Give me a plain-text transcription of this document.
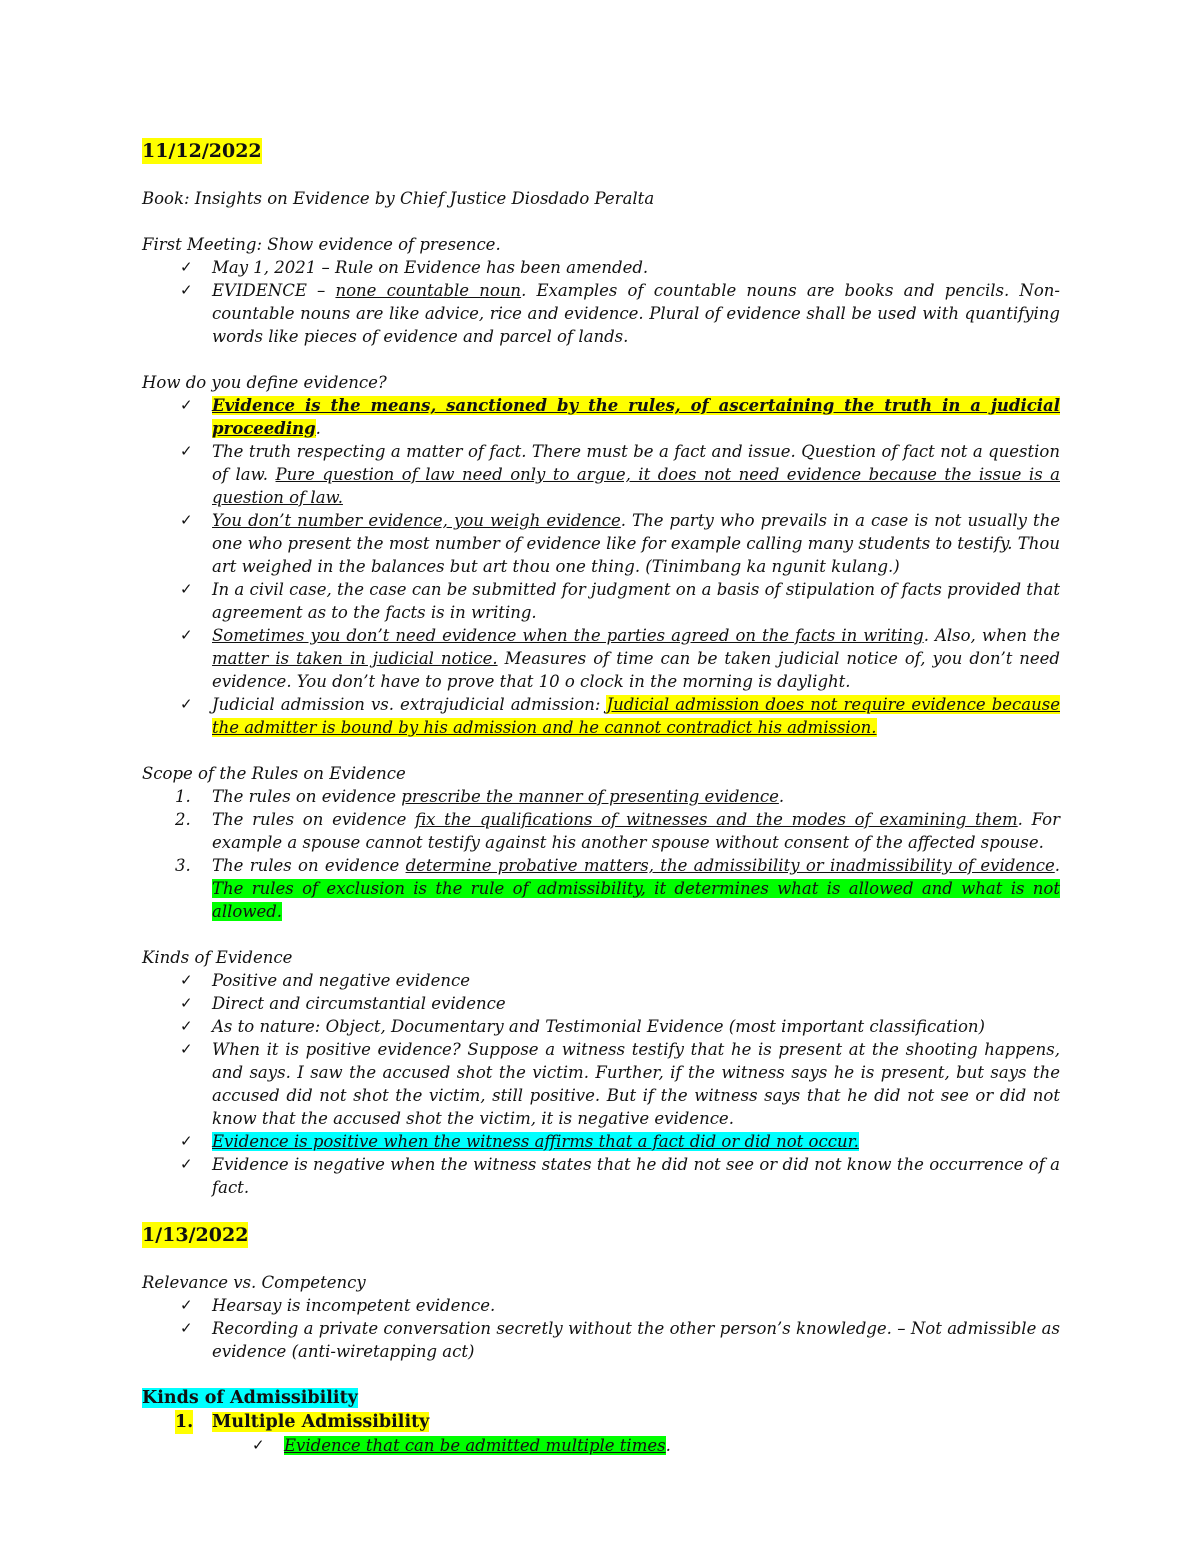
11/12/2022

Book: Insights on Evidence by Chief Justice Diosdado Peralta

First Meeting: Show evidence of presence.

✓ May 1, 2021 – Rule on Evidence has been amended.
✓ EVIDENCE – none countable noun. Examples of countable nouns are books and pencils. Non-countable nouns are like advice, rice and evidence. Plural of evidence shall be used with quantifying words like pieces of evidence and parcel of lands.

How do you define evidence?

✓ Evidence is the means, sanctioned by the rules, of ascertaining the truth in a judicial proceeding.
✓ The truth respecting a matter of fact. There must be a fact and issue. Question of fact not a question of law. Pure question of law need only to argue, it does not need evidence because the issue is a question of law.
✓ You don’t number evidence, you weigh evidence. The party who prevails in a case is not usually the one who present the most number of evidence like for example calling many students to testify. Thou art weighed in the balances but art thou one thing. (Tinimbang ka ngunit kulang.)
✓ In a civil case, the case can be submitted for judgment on a basis of stipulation of facts provided that agreement as to the facts is in writing.
✓ Sometimes you don’t need evidence when the parties agreed on the facts in writing. Also, when the matter is taken in judicial notice. Measures of time can be taken judicial notice of, you don’t need evidence. You don’t have to prove that 10 o clock in the morning is daylight.
✓ Judicial admission vs. extrajudicial admission: Judicial admission does not require evidence because the admitter is bound by his admission and he cannot contradict his admission.

Scope of the Rules on Evidence

1. The rules on evidence prescribe the manner of presenting evidence.
2. The rules on evidence fix the qualifications of witnesses and the modes of examining them. For example a spouse cannot testify against his another spouse without consent of the affected spouse.
3. The rules on evidence determine probative matters, the admissibility or inadmissibility of evidence. The rules of exclusion is the rule of admissibility, it determines what is allowed and what is not allowed.

Kinds of Evidence

✓ Positive and negative evidence
✓ Direct and circumstantial evidence
✓ As to nature: Object, Documentary and Testimonial Evidence (most important classification)
✓ When it is positive evidence? Suppose a witness testify that he is present at the shooting happens, and says. I saw the accused shot the victim. Further, if the witness says he is present, but says the accused did not shot the victim, still positive. But if the witness says that he did not see or did not know that the accused shot the victim, it is negative evidence.
✓ Evidence is positive when the witness affirms that a fact did or did not occur.
✓ Evidence is negative when the witness states that he did not see or did not know the occurrence of a fact.

1/13/2022

Relevance vs. Competency

✓ Hearsay is incompetent evidence.
✓ Recording a private conversation secretly without the other person’s knowledge. – Not admissible as evidence (anti-wiretapping act)

Kinds of Admissibility

1. Multiple Admissibility
✓ Evidence that can be admitted multiple times.
